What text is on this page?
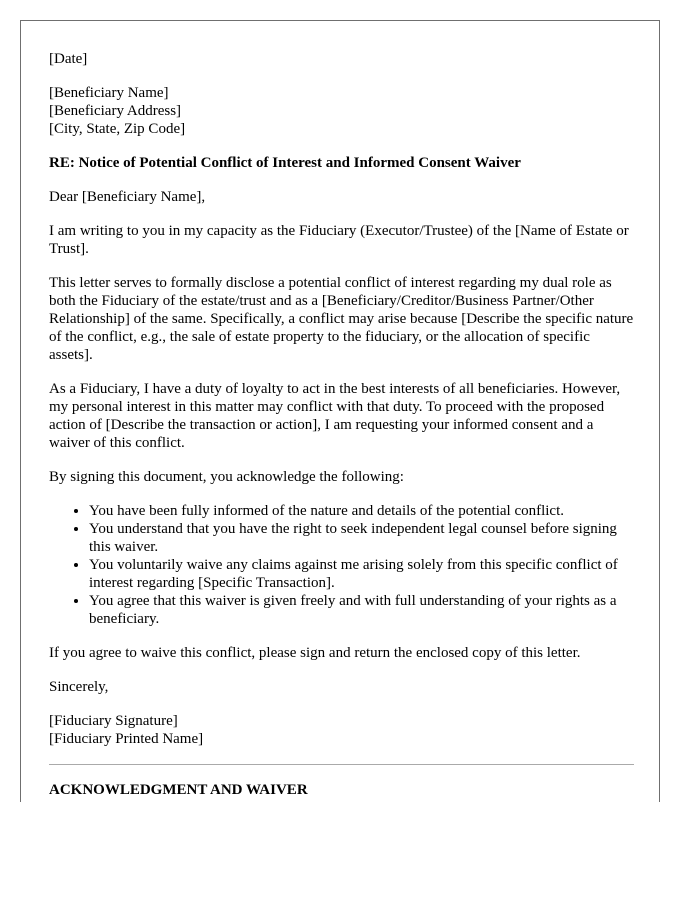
[Date]

[Beneficiary Name]
[Beneficiary Address]
[City, State, Zip Code]

RE: Notice of Potential Conflict of Interest and Informed Consent Waiver

Dear [Beneficiary Name],

I am writing to you in my capacity as the Fiduciary (Executor/Trustee) of the [Name of Estate or Trust].

This letter serves to formally disclose a potential conflict of interest regarding my dual role as both the Fiduciary of the estate/trust and as a [Beneficiary/Creditor/Business Partner/Other Relationship] of the same. Specifically, a conflict may arise because [Describe the specific nature of the conflict, e.g., the sale of estate property to the fiduciary, or the allocation of specific assets].

As a Fiduciary, I have a duty of loyalty to act in the best interests of all beneficiaries. However, my personal interest in this matter may conflict with that duty. To proceed with the proposed action of [Describe the transaction or action], I am requesting your informed consent and a waiver of this conflict.

By signing this document, you acknowledge the following:

• You have been fully informed of the nature and details of the potential conflict.
• You understand that you have the right to seek independent legal counsel before signing this waiver.
• You voluntarily waive any claims against me arising solely from this specific conflict of interest regarding [Specific Transaction].
• You agree that this waiver is given freely and with full understanding of your rights as a beneficiary.

If you agree to waive this conflict, please sign and return the enclosed copy of this letter.

Sincerely,

[Fiduciary Signature]
[Fiduciary Printed Name]

ACKNOWLEDGMENT AND WAIVER
